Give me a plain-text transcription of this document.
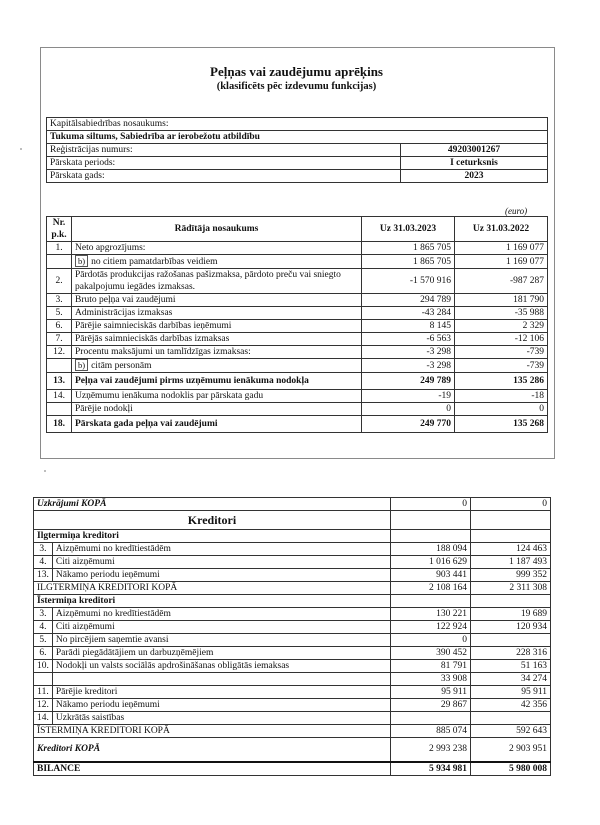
Peļņas vai zaudējumu aprēķins
(klasificēts pēc izdevumu funkcijas)
Kapitālsabiedrības nosaukums:	
Tukuma siltums, Sabiedrība ar ierobežotu atbildību	
Reģistrācijas numurs:	49203001267
Pārskata periods:	I ceturksnis
Pārskata gads:	2023
(euro)
Nr. p.k.	Rādītāja nosaukums	Uz 31.03.2023	Uz 31.03.2022
1.	Neto apgrozījums:	1 865 705	1 169 077
	b) no citiem pamatdarbības veidiem	1 865 705	1 169 077
2.	Pārdotās produkcijas ražošanas pašizmaksa, pārdoto preču vai sniegto pakalpojumu iegādes izmaksas.	-1 570 916	-987 287
3.	Bruto peļņa vai zaudējumi	294 789	181 790
5.	Administrācijas izmaksas	-43 284	-35 988
6.	Pārējie saimnieciskās darbības ieņēmumi	8 145	2 329
7.	Pārējās saimnieciskās darbības izmaksas	-6 563	-12 106
12.	Procentu maksājumi un tamlīdzīgas izmaksas:	-3 298	-739
	b) citām personām	-3 298	-739
13.	Peļņa vai zaudējumi pirms uzņēmumu ienākuma nodokļa	249 789	135 286
14.	Uzņēmumu ienākuma nodoklis par pārskata gadu	-19	-18
	Pārējie nodokļi	0	0
18.	Pārskata gada peļņa vai zaudējumi	249 770	135 268
Uzkrājumi KOPĀ		0	0
Kreditori			
Ilgtermiņa kreditori			
3.	Aizņēmumi no kredītiestādēm	188 094	124 463
4.	Citi aizņēmumi	1 016 629	1 187 493
13.	Nākamo periodu ieņēmumi	903 441	999 352
ILGTERMIŅA KREDITORI KOPĀ		2 108 164	2 311 308
Īstermiņa kreditori			
3.	Aizņēmumi no kredītiestādēm	130 221	19 689
4.	Citi aizņēmumi	122 924	120 934
5.	No pircējiem saņemtie avansi	0	
6.	Parādi piegādātājiem un darbuzņēmējiem	390 452	228 316
10.	Nodokļi un valsts sociālās apdrošināšanas obligātās iemaksas	81 791	51 163
		33 908	34 274
11.	Pārējie kreditori	95 911	95 911
12.	Nākamo periodu ieņēmumi	29 867	42 356
14.	Uzkrātās saistības		
ĪSTERMIŅA KREDITORI KOPĀ		885 074	592 643
Kreditori KOPĀ		2 993 238	2 903 951
BILANCE		5 934 981	5 980 008
